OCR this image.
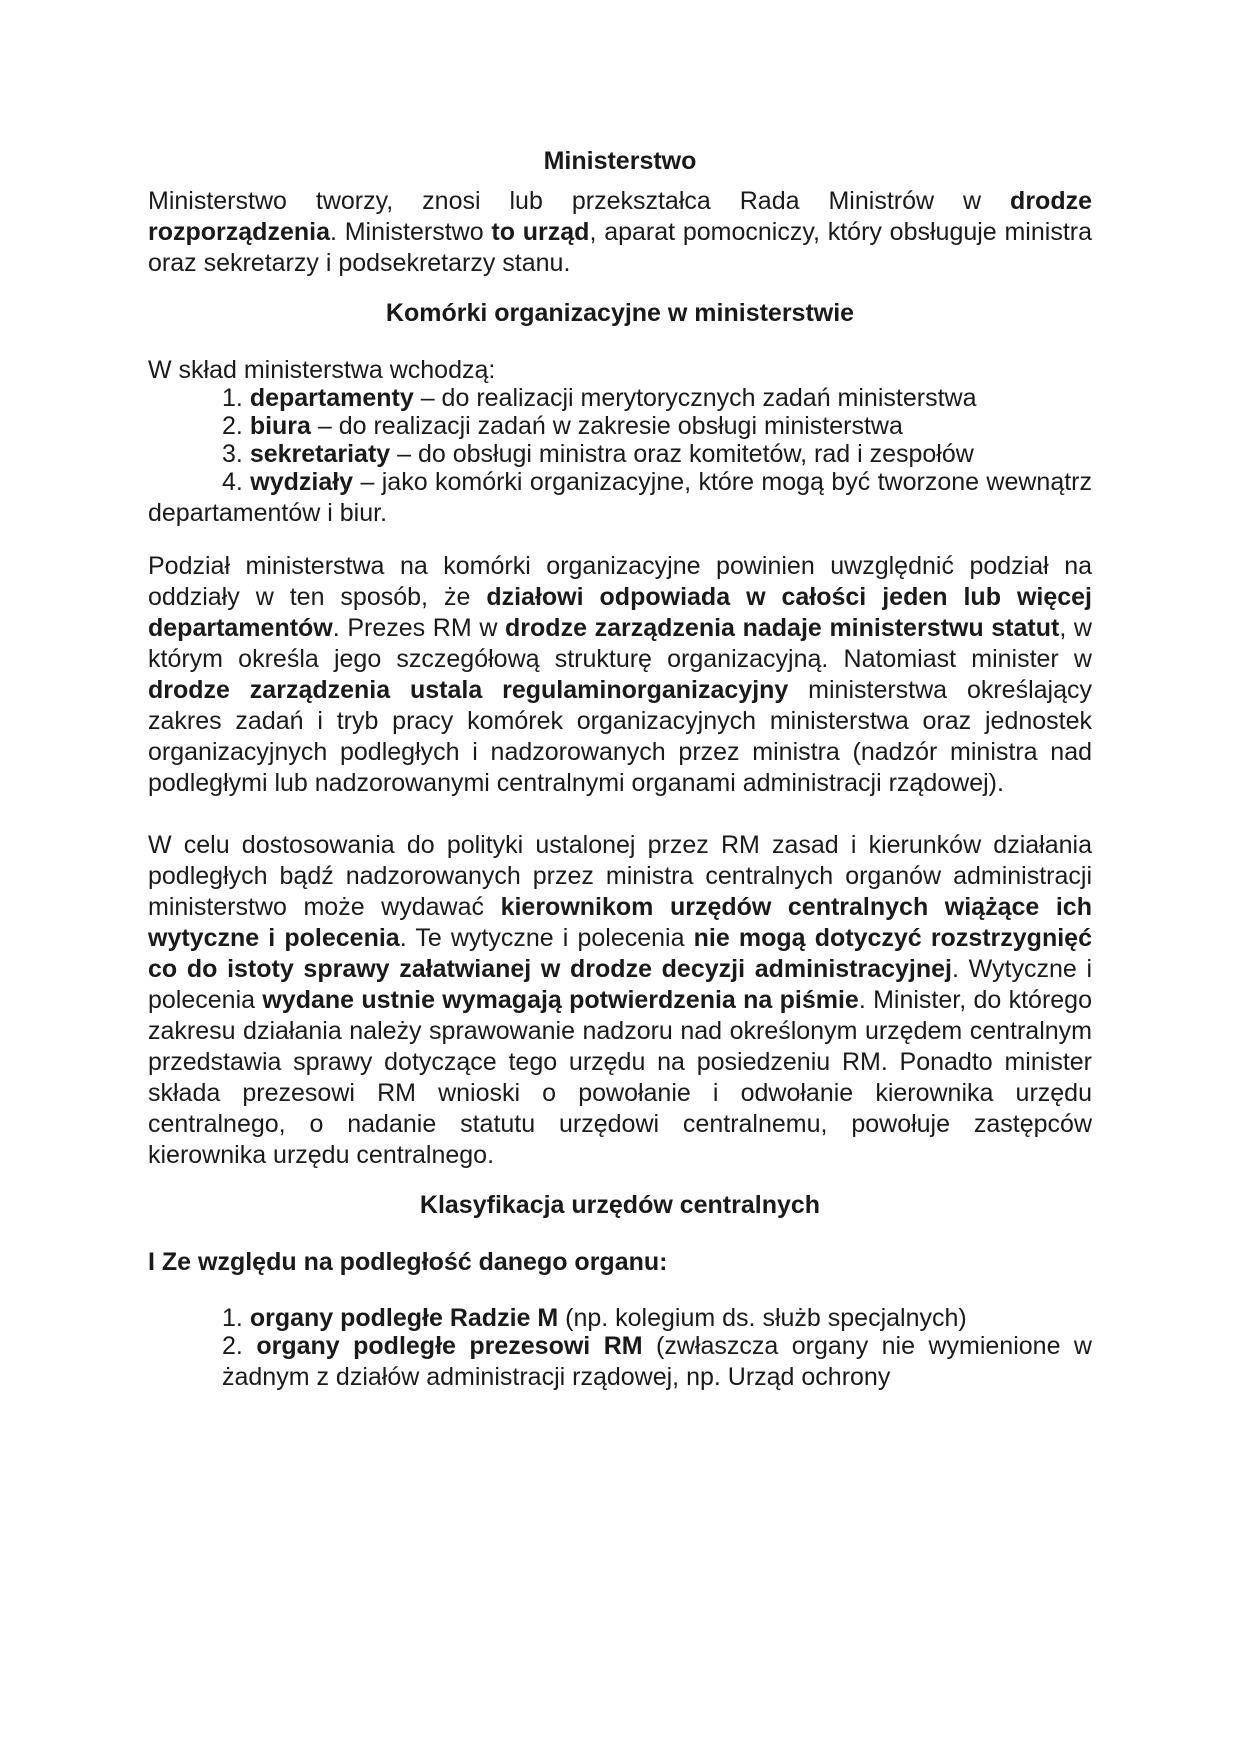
Ministerstwo

Ministerstwo tworzy, znosi lub przekształca Rada Ministrów w drodze rozporządzenia. Ministerstwo to urząd, aparat pomocniczy, który obsługuje ministra oraz sekretarzy i podsekretarzy stanu.

Komórki organizacyjne w ministerstwie

W skład ministerstwa wchodzą:

1. departamenty – do realizacji merytorycznych zadań ministerstwa

2. biura – do realizacji zadań w zakresie obsługi ministerstwa

3. sekretariaty – do obsługi ministra oraz komitetów, rad i zespołów

4. wydziały – jako komórki organizacyjne, które mogą być tworzone wewnątrz departamentów i biur.

Podział ministerstwa na komórki organizacyjne powinien uwzględnić podział na oddziały w ten sposób, że działowi odpowiada w całości jeden lub więcej departamentów. Prezes RM w drodze zarządzenia nadaje ministerstwu statut, w którym określa jego szczegółową strukturę organizacyjną. Natomiast minister w drodze zarządzenia ustala regulaminorganizacyjny ministerstwa określający zakres zadań i tryb pracy komórek organizacyjnych ministerstwa oraz jednostek organizacyjnych podległych i nadzorowanych przez ministra (nadzór ministra nad podległymi lub nadzorowanymi centralnymi organami administracji rządowej).

W celu dostosowania do polityki ustalonej przez RM zasad i kierunków działania podległych bądź nadzorowanych przez ministra centralnych organów administracji ministerstwo może wydawać kierownikom urzędów centralnych wiążące ich wytyczne i polecenia. Te wytyczne i polecenia nie mogą dotyczyć rozstrzygnięć co do istoty sprawy załatwianej w drodze decyzji administracyjnej. Wytyczne i polecenia wydane ustnie wymagają potwierdzenia na piśmie. Minister, do którego zakresu działania należy sprawowanie nadzoru nad określonym urzędem centralnym przedstawia sprawy dotyczące tego urzędu na posiedzeniu RM. Ponadto minister składa prezesowi RM wnioski o powołanie i odwołanie kierownika urzędu centralnego, o nadanie statutu urzędowi centralnemu, powołuje zastępców kierownika urzędu centralnego.

Klasyfikacja urzędów centralnych

I Ze względu na podległość danego organu:

1. organy podległe Radzie M (np. kolegium ds. służb specjalnych)

2. organy podległe prezesowi RM (zwłaszcza organy nie wymienione w żadnym z działów administracji rządowej, np. Urząd ochrony
